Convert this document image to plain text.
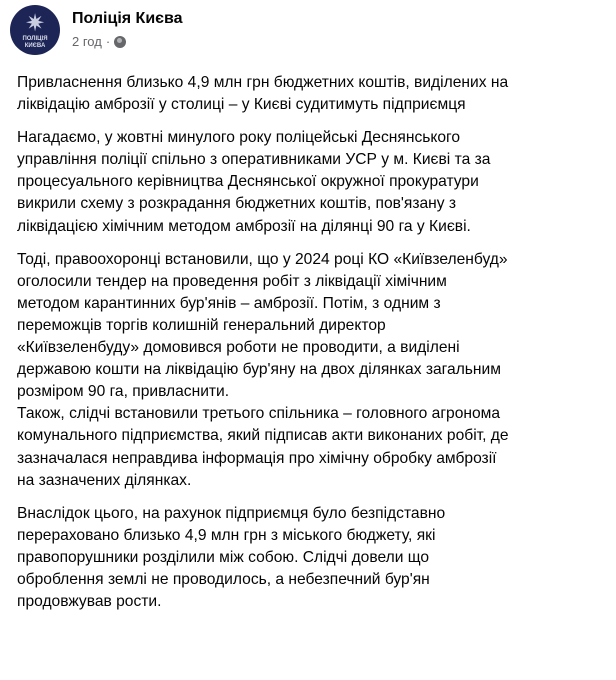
✷
ПОЛІЦІЯ
КИЄВА
Поліція Києва
2 год ·

Привласнення близько 4,9 млн грн бюджетних коштів, виділених на
ліквідацію амброзії у столиці – у Києві судитимуть підприємця

Нагадаємо, у жовтні минулого року поліцейські Деснянського
управління поліції спільно з оперативниками УСР у м. Києві та за
процесуального керівництва Деснянської окружної прокуратури
викрили схему з розкрадання бюджетних коштів, пов'язану з
ліквідацією хімічним методом амброзії на ділянці 90 га у Києві.

Тоді, правоохоронці встановили, що у 2024 році КО «Київзеленбуд»
оголосили тендер на проведення робіт з ліквідації хімічним
методом карантинних бур'янів – амброзії. Потім, з одним з
переможців торгів колишній генеральний директор
«Київзеленбуду» домовився роботи не проводити, а виділені
державою кошти на ліквідацію бур'яну на двох ділянках загальним
розміром 90 га, привласнити.
Також, слідчі встановили третього спільника – головного агронома
комунального підприємства, який підписав акти виконаних робіт, де
зазначалася неправдива інформація про хімічну обробку амброзії
на зазначених ділянках.

Внаслідок цього, на рахунок підприємця було безпідставно
перераховано близько 4,9 млн грн з міського бюджету, які
правопорушники розділили між собою. Слідчі довели що
оброблення землі не проводилось, а небезпечний бур'ян
продовжував рости.
